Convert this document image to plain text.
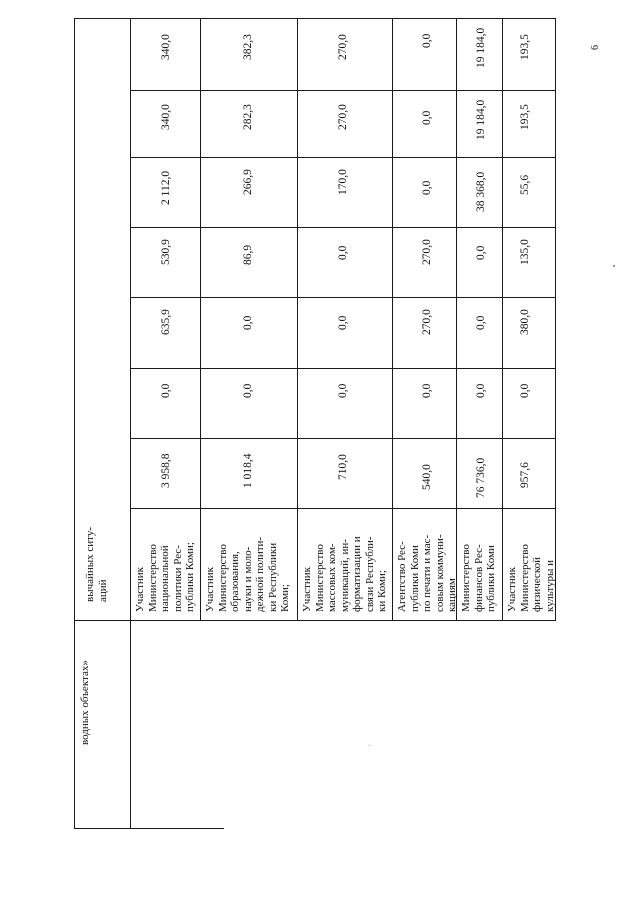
6
водных объектах»
вычайных ситу-
аций Участник
Министерство
национальной
политики Рес-
публики Коми;
3 958,8
0,0
635,9
530,9
2 112,0
340,0
340,0
Участник
Министерство
образования,
науки и моло-
дежной полити-
ки Республики
Коми;
1 018,4
0,0
0,0
86,9
266,9
282,3
382,3
Участник
Министерство
массовых ком-
муникаций, ин-
форматизации и
связи Республи-
ки Коми;
710,0
0,0
0,0
0,0
170,0
270,0
270,0
Агентство Рес-
публики Коми
по печати и мас-
совым коммуни-
кациям
540,0
0,0
270,0
270,0
0,0
0,0
0,0
Министерство
финансов Рес-
публики Коми
76 736,0
0,0
0,0
0,0
38 368,0
19 184,0
19 184,0
Участник
Министерство
физической
культуры и
957,6
0,0
380,0
135,0
55,6
193,5
193,5
